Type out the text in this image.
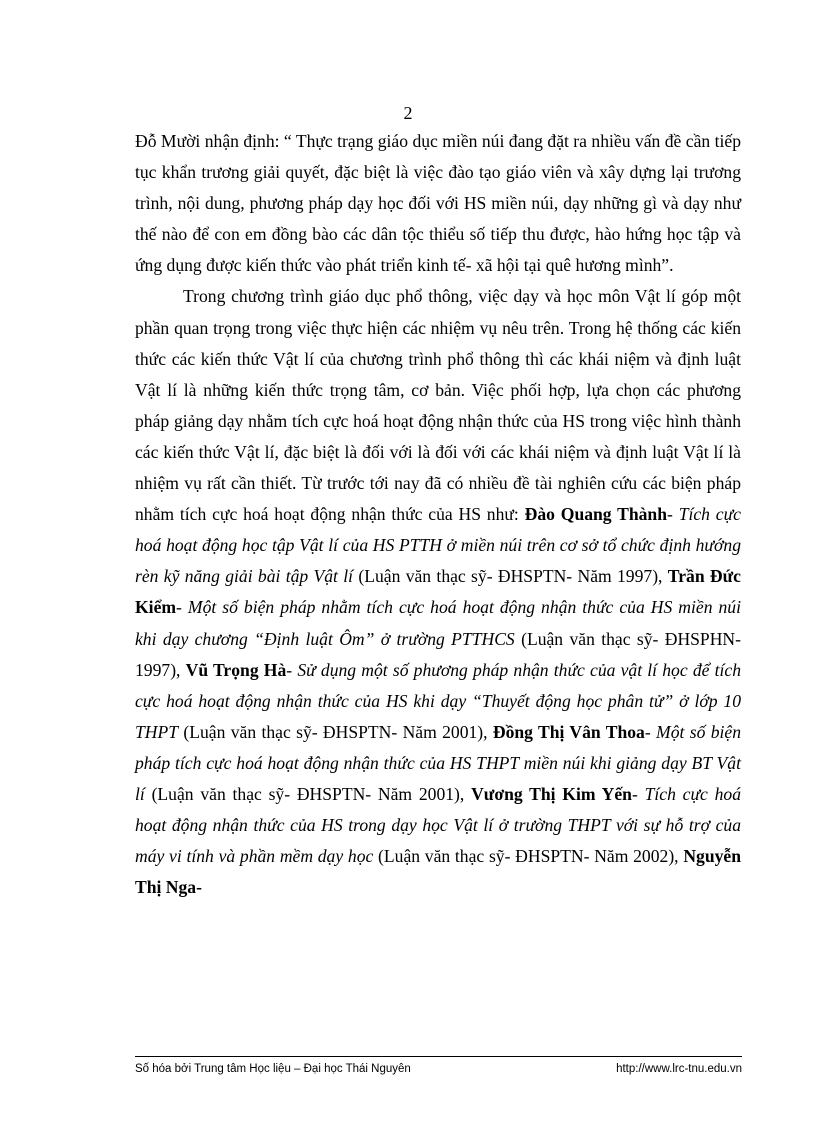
2

Đỗ Mười nhận định: “ Thực trạng giáo dục miền núi đang đặt ra nhiều vấn đề cần tiếp tục khẩn trương giải quyết, đặc biệt là việc đào tạo giáo viên và xây dựng lại trương trình, nội dung, phương pháp dạy học đối với HS miền núi, dạy những gì và dạy như thế nào để con em đồng bào các dân tộc thiểu số tiếp thu được, hào hứng học tập và ứng dụng được kiến thức vào phát triển kinh tế- xã hội tại quê hương mình”.

Trong chương trình giáo dục phổ thông, việc dạy và học môn Vật lí góp một phần quan trọng trong việc thực hiện các nhiệm vụ nêu trên. Trong hệ thống các kiến thức các kiến thức Vật lí của chương trình phổ thông thì các khái niệm và định luật Vật lí là những kiến thức trọng tâm, cơ bản. Việc phối hợp, lựa chọn các phương pháp giảng dạy nhằm tích cực hoá hoạt động nhận thức của HS trong việc hình thành các kiến thức Vật lí, đặc biệt là đối với là đối với các khái niệm và định luật Vật lí là nhiệm vụ rất cần thiết. Từ trước tới nay đã có nhiều đề tài nghiên cứu các biện pháp nhằm tích cực hoá hoạt động nhận thức của HS như: Đào Quang Thành- Tích cực hoá hoạt động học tập Vật lí của HS PTTH ở miền núi trên cơ sở tổ chức định hướng rèn kỹ năng giải bài tập Vật lí (Luận văn thạc sỹ- ĐHSPTN- Năm 1997), Trần Đức Kiểm- Một số biện pháp nhằm tích cực hoá hoạt động nhận thức của HS miền núi khi dạy chương “Định luật Ôm” ở trường PTTHCS (Luận văn thạc sỹ- ĐHSPHN- 1997), Vũ Trọng Hà- Sử dụng một số phương pháp nhận thức của vật lí học để tích cực hoá hoạt động nhận thức của HS khi dạy “Thuyết động học phân tử” ở lớp 10 THPT (Luận văn thạc sỹ- ĐHSPTN- Năm 2001), Đồng Thị Vân Thoa- Một số biện pháp tích cực hoá hoạt động nhận thức của HS THPT miền núi khi giảng dạy BT Vật lí (Luận văn thạc sỹ- ĐHSPTN- Năm 2001), Vương Thị Kim Yến- Tích cực hoá hoạt động nhận thức của HS trong dạy học Vật lí ở trường THPT với sự hỗ trợ của máy vi tính và phần mềm dạy học (Luận văn thạc sỹ- ĐHSPTN- Năm 2002), Nguyễn Thị Nga-

Số hóa bởi Trung tâm Học liệu – Đại học Thái Nguyên	http://www.lrc-tnu.edu.vn
